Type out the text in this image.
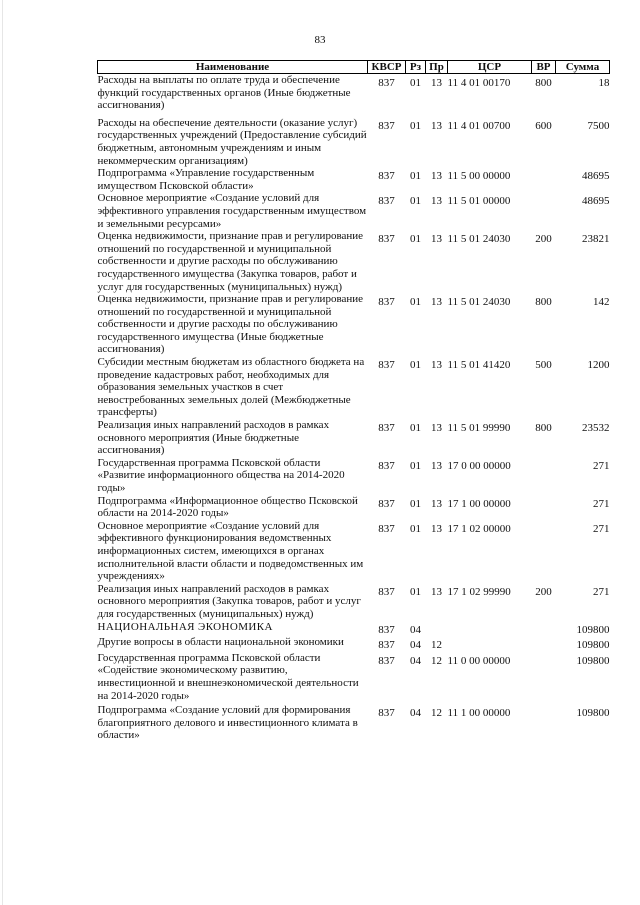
83
Наименование	КВСР	Рз	Пр	ЦСР	ВР	Сумма
Расходы на выплаты по оплате труда и обеспечение функций государственных органов (Иные бюджетные ассигнования)	837	01	13	11 4 01 00170	800	18
Расходы на обеспечение деятельности (оказание услуг) государственных учреждений (Предоставление субсидий бюджетным, автономным учреждениям и иным некоммерческим организациям)	837	01	13	11 4 01 00700	600	7500
Подпрограмма «Управление государственным имуществом Псковской области»	837	01	13	11 5 00 00000		48695
Основное мероприятие «Создание условий для эффективного управления государственным имуществом и земельными ресурсами»	837	01	13	11 5 01 00000		48695
Оценка недвижимости, признание прав и регулирование отношений по государственной и муниципальной собственности и другие расходы по обслуживанию государственного имущества (Закупка товаров, работ и услуг для государственных (муниципальных) нужд)	837	01	13	11 5 01 24030	200	23821
Оценка недвижимости, признание прав и регулирование отношений по государственной и муниципальной собственности и другие расходы по обслуживанию государственного имущества (Иные бюджетные ассигнования)	837	01	13	11 5 01 24030	800	142
Субсидии местным бюджетам из областного бюджета на проведение кадастровых работ, необходимых для образования земельных участков в счет невостребованных земельных долей (Межбюджетные трансферты)	837	01	13	11 5 01 41420	500	1200
Реализация иных направлений расходов в рамках основного мероприятия (Иные бюджетные ассигнования)	837	01	13	11 5 01 99990	800	23532
Государственная программа Псковской области «Развитие информационного общества на 2014-2020 годы»	837	01	13	17 0 00 00000		271
Подпрограмма «Информационное общество Псковской области на 2014-2020 годы»	837	01	13	17 1 00 00000		271
Основное мероприятие «Создание условий для эффективного функционирования ведомственных информационных систем, имеющихся в органах исполнительной власти области и подведомственных им учреждениях»	837	01	13	17 1 02 00000		271
Реализация иных направлений расходов в рамках основного мероприятия (Закупка товаров, работ и услуг для государственных (муниципальных) нужд)	837	01	13	17 1 02 99990	200	271
НАЦИОНАЛЬНАЯ ЭКОНОМИКА	837	04				109800
Другие вопросы в области национальной экономики	837	04	12			109800
Государственная программа Псковской области «Содействие экономическому развитию, инвестиционной и внешнеэкономической деятельности на 2014-2020 годы»	837	04	12	11 0 00 00000		109800
Подпрограмма «Создание условий для формирования благоприятного делового и инвестиционного климата в области»	837	04	12	11 1 00 00000		109800
